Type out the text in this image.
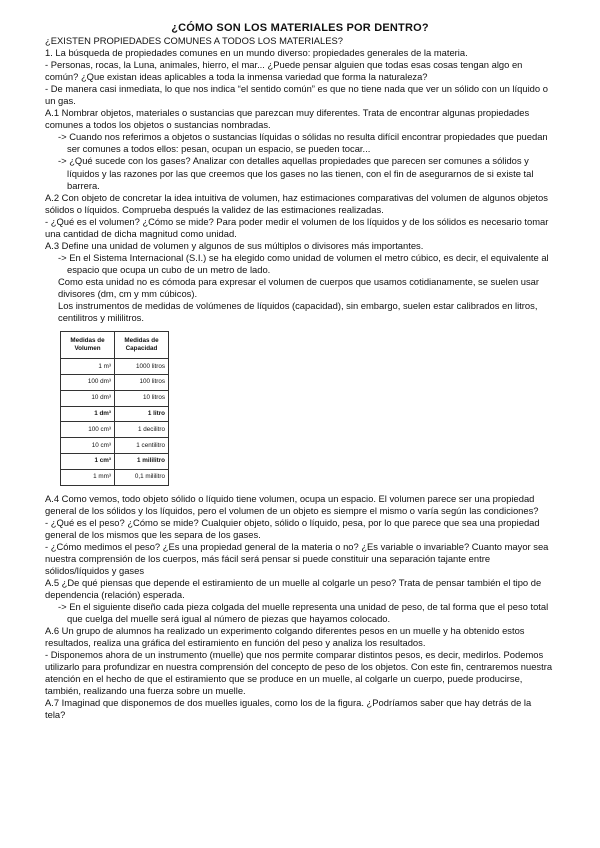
¿CÓMO SON LOS MATERIALES POR DENTRO?

¿EXISTEN PROPIEDADES COMUNES A TODOS LOS MATERIALES?

1. La búsqueda de propiedades comunes en un mundo diverso: propiedades generales de la materia.

- Personas, rocas, la Luna, animales, hierro, el mar... ¿Puede pensar alguien que todas esas cosas tengan algo en común? ¿Que existan ideas aplicables a toda la inmensa variedad que forma la naturaleza?

- De manera casi inmediata, lo que nos indica “el sentido común” es que no tiene nada que ver un sólido con un líquido o un gas.

A.1 Nombrar objetos, materiales o sustancias que parezcan muy diferentes. Trata de encontrar algunas propiedades comunes a todos los objetos o sustancias nombradas.

-> Cuando nos referimos a objetos o sustancias líquidas o sólidas no resulta difícil encontrar propiedades que puedan ser comunes a todos ellos: pesan, ocupan un espacio, se pueden tocar...

-> ¿Qué sucede con los gases? Analizar con detalles aquellas propiedades que parecen ser comunes a sólidos y líquidos y las razones por las que creemos que los gases no las tienen, con el fin de asegurarnos de si existe tal barrera.

A.2 Con objeto de concretar la idea intuitiva de volumen, haz estimaciones comparativas del volumen de algunos objetos sólidos o líquidos. Comprueba después la validez de las estimaciones realizadas.

- ¿Qué es el volumen? ¿Cómo se mide? Para poder medir el volumen de los líquidos y de los sólidos es necesario tomar una cantidad de dicha magnitud como unidad.

A.3 Define una unidad de volumen y algunos de sus múltiplos o divisores más importantes.

-> En el Sistema Internacional (S.I.) se ha elegido como unidad de volumen el metro cúbico, es decir, el equivalente al espacio que ocupa un cubo de un metro de lado.

Como esta unidad no es cómoda para expresar el volumen de cuerpos que usamos cotidianamente, se suelen usar divisores (dm, cm y mm cúbicos).

Los instrumentos de medidas de volúmenes de líquidos (capacidad), sin embargo, suelen estar calibrados en litros, centilitros y mililitros.

Medidas de Volumen	Medidas de Capacidad
1 m³	1000 litros
100 dm³	100 litros
10 dm³	10 litros
1 dm³	1 litro
100 cm³	1 decilitro
10 cm³	1 centilitro
1 cm³	1 mililitro
1 mm³	0,1 mililitro

A.4 Como vemos, todo objeto sólido o líquido tiene volumen, ocupa un espacio. El volumen parece ser una propiedad general de los sólidos y los líquidos, pero el volumen de un objeto es siempre el mismo o varía según las condiciones?

- ¿Qué es el peso? ¿Cómo se mide? Cualquier objeto, sólido o líquido, pesa, por lo que parece que sea una propiedad general de los mismos que les separa de los gases.

- ¿Cómo medimos el peso? ¿Es una propiedad general de la materia o no? ¿Es variable o invariable? Cuanto mayor sea nuestra comprensión de los cuerpos, más fácil será pensar si puede constituir una separación tajante entre sólidos/líquidos y gases

A.5 ¿De qué piensas que depende el estiramiento de un muelle al colgarle un peso? Trata de pensar también el tipo de dependencia (relación) esperada.

-> En el siguiente diseño cada pieza colgada del muelle representa una unidad de peso, de tal forma que el peso total que cuelga del muelle será igual al número de piezas que hayamos colocado.

A.6 Un grupo de alumnos ha realizado un experimento colgando diferentes pesos en un muelle y ha obtenido estos resultados, realiza una gráfica del estiramiento en función del peso y analiza los resultados.

- Disponemos ahora de un instrumento (muelle) que nos permite comparar distintos pesos, es decir, medirlos. Podemos utilizarlo para profundizar en nuestra comprensión del concepto de peso de los objetos. Con este fin, centraremos nuestra atención en el hecho de que el estiramiento que se produce en un muelle, al colgarle un cuerpo, puede producirse, también, realizando una fuerza sobre un muelle.

A.7 Imaginad que disponemos de dos muelles iguales, como los de la figura. ¿Podríamos saber que hay detrás de la tela?
